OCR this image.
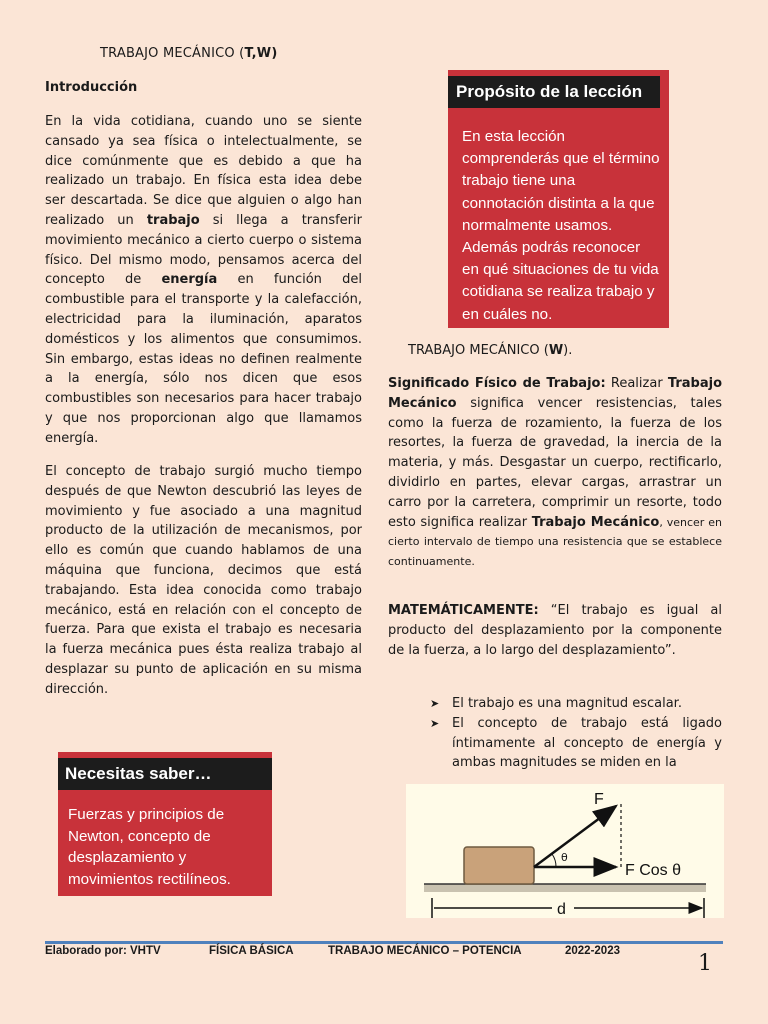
TRABAJO MECÁNICO (T,W)
Introducción
En la vida cotidiana, cuando uno se siente cansado ya sea física o intelectualmente, se dice comúnmente que es debido a que ha realizado un trabajo. En física esta idea debe ser descartada. Se dice que alguien o algo han realizado un trabajo si llega a transferir movimiento mecánico a cierto cuerpo o sistema físico. Del mismo modo, pensamos acerca del concepto de energía en función del combustible para el transporte y la calefacción, electricidad para la iluminación, aparatos domésticos y los alimentos que consumimos. Sin embargo, estas ideas no definen realmente a la energía, sólo nos dicen que esos combustibles son necesarios para hacer trabajo y que nos proporcionan algo que llamamos energía.
El concepto de trabajo surgió mucho tiempo después de que Newton descubrió las leyes de movimiento y fue asociado a una magnitud producto de la utilización de mecanismos, por ello es común que cuando hablamos de una máquina que funciona, decimos que está trabajando. Esta idea conocida como trabajo mecánico, está en relación con el concepto de fuerza. Para que exista el trabajo es necesaria la fuerza mecánica pues ésta realiza trabajo al desplazar su punto de aplicación en su misma dirección.
Propósito de la lección
En esta lección comprenderás que el término trabajo tiene una connotación distinta a la que normalmente usamos. Además podrás reconocer en qué situaciones de tu vida cotidiana se realiza trabajo y en cuáles no.
Necesitas saber…
Fuerzas y principios de Newton, concepto de desplazamiento y movimientos rectilíneos.
TRABAJO MECÁNICO (W).
Significado Físico de Trabajo: Realizar Trabajo Mecánico significa vencer resistencias, tales como la fuerza de rozamiento, la fuerza de los resortes, la fuerza de gravedad, la inercia de la materia, y más. Desgastar un cuerpo, rectificarlo, dividirlo en partes, elevar cargas, arrastrar un carro por la carretera, comprimir un resorte, todo esto significa realizar Trabajo Mecánico, vencer en cierto intervalo de tiempo una resistencia que se establece continuamente.
MATEMÁTICAMENTE: “El trabajo es igual al producto del desplazamiento por la componente de la fuerza, a lo largo del desplazamiento”.
➤ El trabajo es una magnitud escalar.
➤ El concepto de trabajo está ligado íntimamente al concepto de energía y ambas magnitudes se miden en la
F
θ
F Cos θ
d
Elaborado por: VHTV	FÍSICA BÁSICA	TRABAJO MECÁNICO – POTENCIA	2022-2023	1
